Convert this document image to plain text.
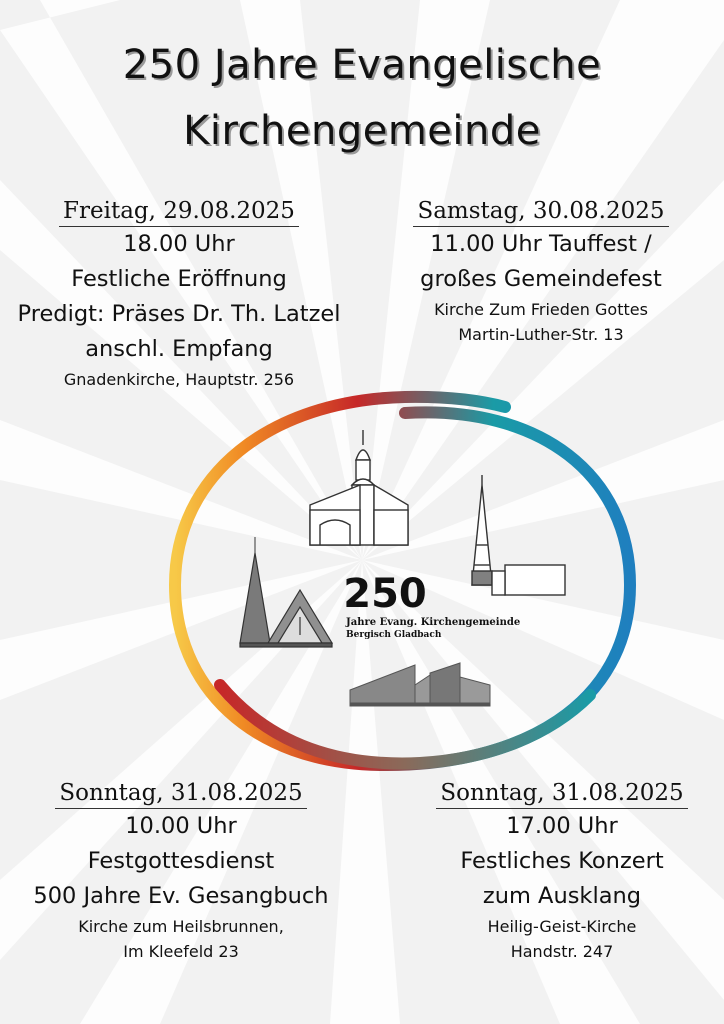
250 Jahre Evangelische
Kirchengemeinde
Freitag, 29.08.2025
18.00 Uhr
Festliche Eröffnung
Predigt: Präses Dr. Th. Latzel
anschl. Empfang
Gnadenkirche, Hauptstr. 256
Samstag, 30.08.2025
11.00 Uhr Tauffest /
großes Gemeindefest
Kirche Zum Frieden Gottes
Martin-Luther-Str. 13
250
Jahre Evang. Kirchengemeinde
Bergisch Gladbach
Sonntag, 31.08.2025
10.00 Uhr
Festgottesdienst
500 Jahre Ev. Gesangbuch
Kirche zum Heilsbrunnen,
Im Kleefeld 23
Sonntag, 31.08.2025
17.00 Uhr
Festliches Konzert
zum Ausklang
Heilig-Geist-Kirche
Handstr. 247
